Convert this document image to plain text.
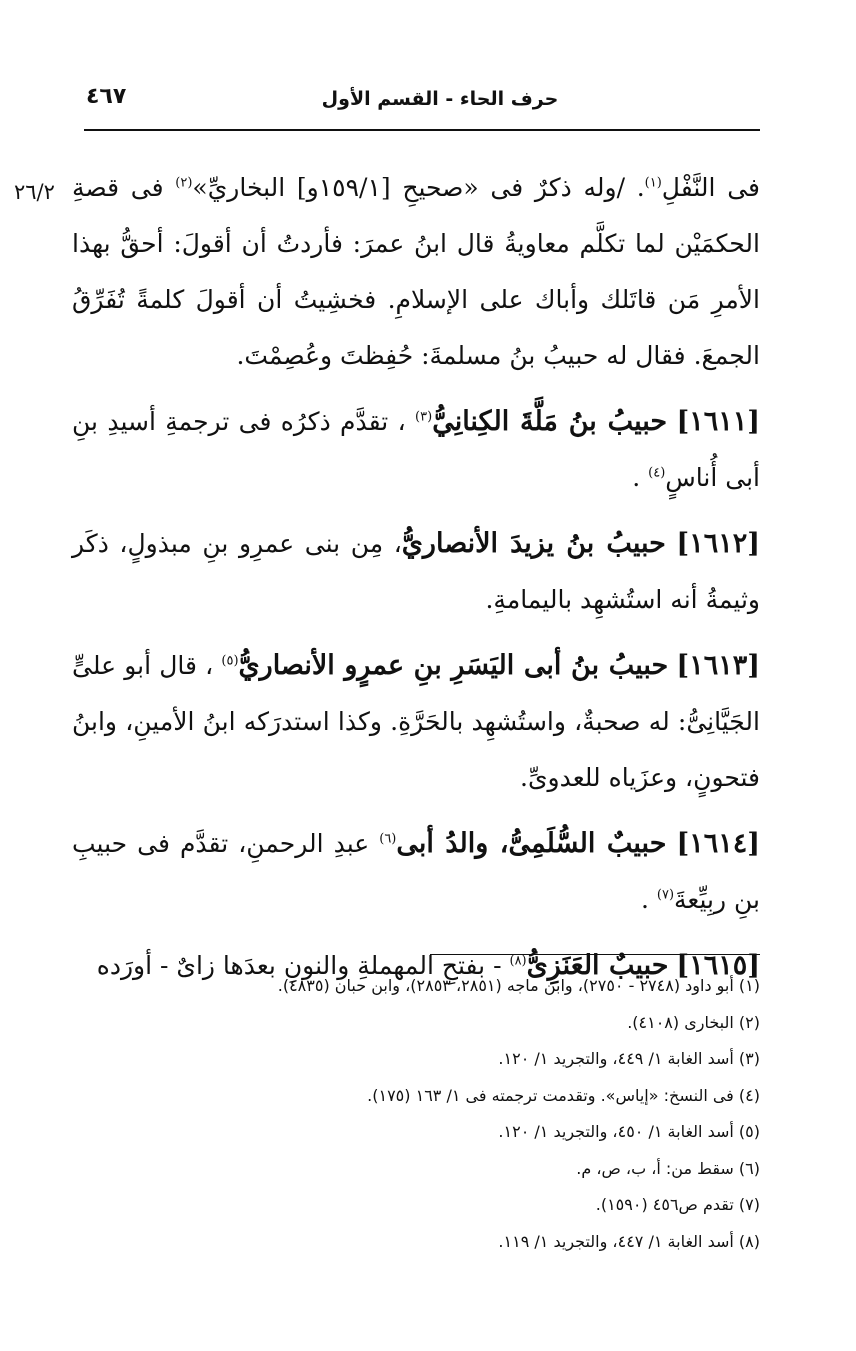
حرف الحاء - القسم الأول
٤٦٧
٢٦/٢	فى النَّفْلِ$^{(١)}$. /وله ذكرٌ فى «صحيحِ [١٥٩/١و] البخاريِّ»$^{(٢)}$ فى قصةِ الحكمَيْن لما تكلَّم معاويةُ قال ابنُ عمرَ: فأردتُ أن أقولَ: أحقُّ بهذا الأمرِ مَن قاتَلك وأباك على الإسلامِ. فخشِيتُ أن أقولَ كلمةً تُفَرِّقُ الجمعَ. فقال له حبيبُ بنُ مسلمةَ: حُفِظتَ وعُصِمْتَ.

[١٦١١] حبيبُ بنُ مَلَّةَ الكِنانِيُّ$^{(٣)}$ ، تقدَّم ذكرُه فى ترجمةِ أسيدِ بنِ أبى أُناسٍ$^{(٤)}$ .

[١٦١٢] حبيبُ بنُ يزيدَ الأنصاريُّ، مِن بنى عمرِو بنِ مبذولٍ، ذكَر وثيمةُ أنه استُشهِد باليمامةِ.

[١٦١٣] حبيبُ بنُ أبى اليَسَرِ بنِ عمرٍو الأنصاريُّ$^{(٥)}$ ، قال أبو علىٍّ الجَيَّانِىُّ: له صحبةٌ، واستُشهِد بالحَرَّةِ. وكذا استدرَكه ابنُ الأمينِ، وابنُ فتحونٍ، وعزَياه للعدوىِّ.

[١٦١٤] حبيبٌ السُّلَمِىُّ، والدُ أبى$^{(٦)}$ عبدِ الرحمنِ، تقدَّم فى حبيبِ بنِ ربِيِّعةَ$^{(٧)}$ .

[١٦١٥] حبيبٌ العَنَزِىُّ$^{(٨)}$ - بفتحِ المهملةِ والنونِ بعدَها زاىٌ - أورَده

(١) أبو داود (٢٧٤٨ - ٢٧٥٠)، وابن ماجه (٢٨٥١، ٢٨٥٣)، وابن حبان (٤٨٣٥).
(٢) البخارى (٤١٠٨).
(٣) أسد الغابة ١/ ٤٤٩، والتجريد ١/ ١٢٠.
(٤) فى النسخ: «إياس». وتقدمت ترجمته فى ١/ ١٦٣ (١٧٥).
(٥) أسد الغابة ١/ ٤٥٠، والتجريد ١/ ١٢٠.
(٦) سقط من: أ، ب، ص، م.
(٧) تقدم ص٤٥٦ (١٥٩٠).
(٨) أسد الغابة ١/ ٤٤٧، والتجريد ١/ ١١٩.
